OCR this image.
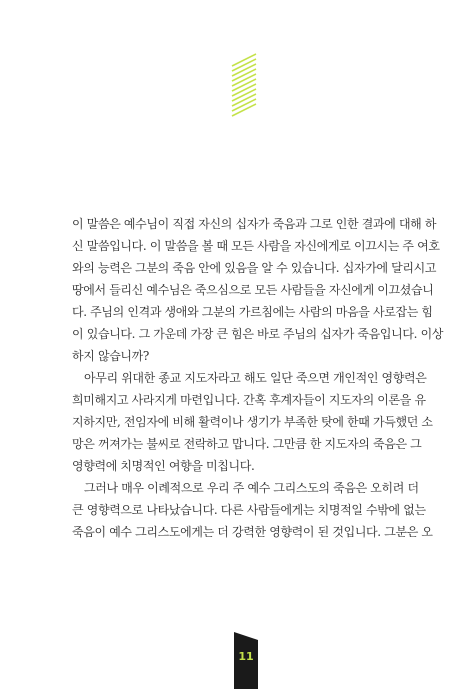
이 말씀은 예수님이 직접 자신의 십자가 죽음과 그로 인한 결과에 대해 하

신 말씀입니다. 이 말씀을 볼 때 모든 사람을 자신에게로 이끄시는 주 여호

와의 능력은 그분의 죽음 안에 있음을 알 수 있습니다. 십자가에 달리시고

땅에서 들리신 예수님은 죽으심으로 모든 사람들을 자신에게 이끄셨습니

다. 주님의 인격과 생애와 그분의 가르침에는 사람의 마음을 사로잡는 힘

이 있습니다. 그 가운데 가장 큰 힘은 바로 주님의 십자가 죽음입니다. 이상

하지 않습니까?

아무리 위대한 종교 지도자라고 해도 일단 죽으면 개인적인 영향력은

희미해지고 사라지게 마련입니다. 간혹 후계자들이 지도자의 이론을 유

지하지만, 전임자에 비해 활력이나 생기가 부족한 탓에 한때 가득했던 소

망은 꺼져가는 불씨로 전락하고 맙니다. 그만큼 한 지도자의 죽음은 그

영향력에 치명적인 여향을 미칩니다.

그러나 매우 이례적으로 우리 주 예수 그리스도의 죽음은 오히려 더

큰 영향력으로 나타났습니다. 다른 사람들에게는 치명적일 수밖에 없는

죽음이 예수 그리스도에게는 더 강력한 영향력이 된 것입니다. 그분은 오

11
